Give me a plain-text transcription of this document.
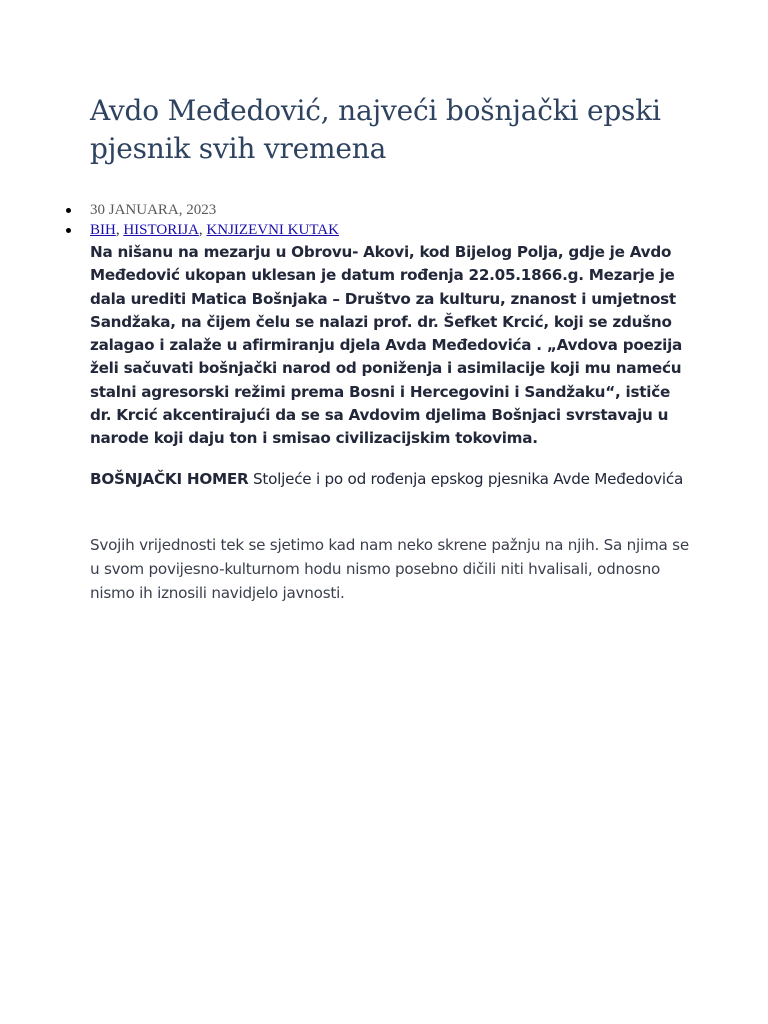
Avdo Međedović, najveći bošnjački epski pjesnik svih vremena
30 JANUARA, 2023
BIH, HISTORIJA, KNJIZEVNI KUTAK

Na nišanu na mezarju u Obrovu- Akovi, kod Bijelog Polja, gdje je Avdo Međedović ukopan uklesan je datum rođenja 22.05.1866.g. Mezarje je dala urediti Matica Bošnjaka – Društvo za kulturu, znanost i umjetnost Sandžaka, na čijem čelu se nalazi prof. dr. Šefket Krcić, koji se zdušno zalagao i zalaže u afirmiranju djela Avda Međedovića . „Avdova poezija želi sačuvati bošnjački narod od poniženja i asimilacije koji mu nameću stalni agresorski režimi prema Bosni i Hercegovini i Sandžaku“, ističe dr. Krcić akcentirajući da se sa Avdovim djelima Bošnjaci svrstavaju u narode koji daju ton i smisao civilizacijskim tokovima.

BOŠNJAČKI HOMER Stoljeće i po od rođenja epskog pjesnika Avde Međedovića

Svojih vrijednosti tek se sjetimo kad nam neko skrene pažnju na njih. Sa njima se u svom povijesno-kulturnom hodu nismo posebno dičili niti hvalisali, odnosno nismo ih iznosili navidjelo javnosti.
